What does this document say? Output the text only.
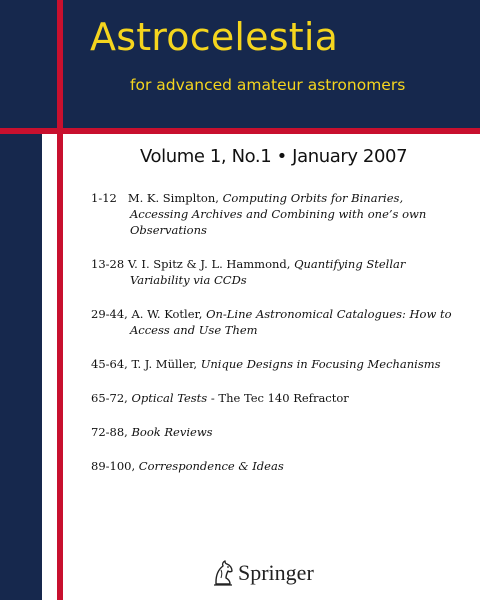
Astrocelestia
for advanced amateur astronomers
Volume 1, No.1 • January 2007
1-12 M. K. Simplton, Computing Orbits for Binaries, Accessing Archives and Combining with one’s own Observations
13-28 V. I. Spitz & J. L. Hammond, Quantifying Stellar Variability via CCDs
29-44, A. W. Kotler, On-Line Astronomical Catalogues: How to Access and Use Them
45-64, T. J. Müller, Unique Designs in Focusing Mechanisms
65-72, Optical Tests - The Tec 140 Refractor
72-88, Book Reviews
89-100, Correspondence & Ideas
Springer
